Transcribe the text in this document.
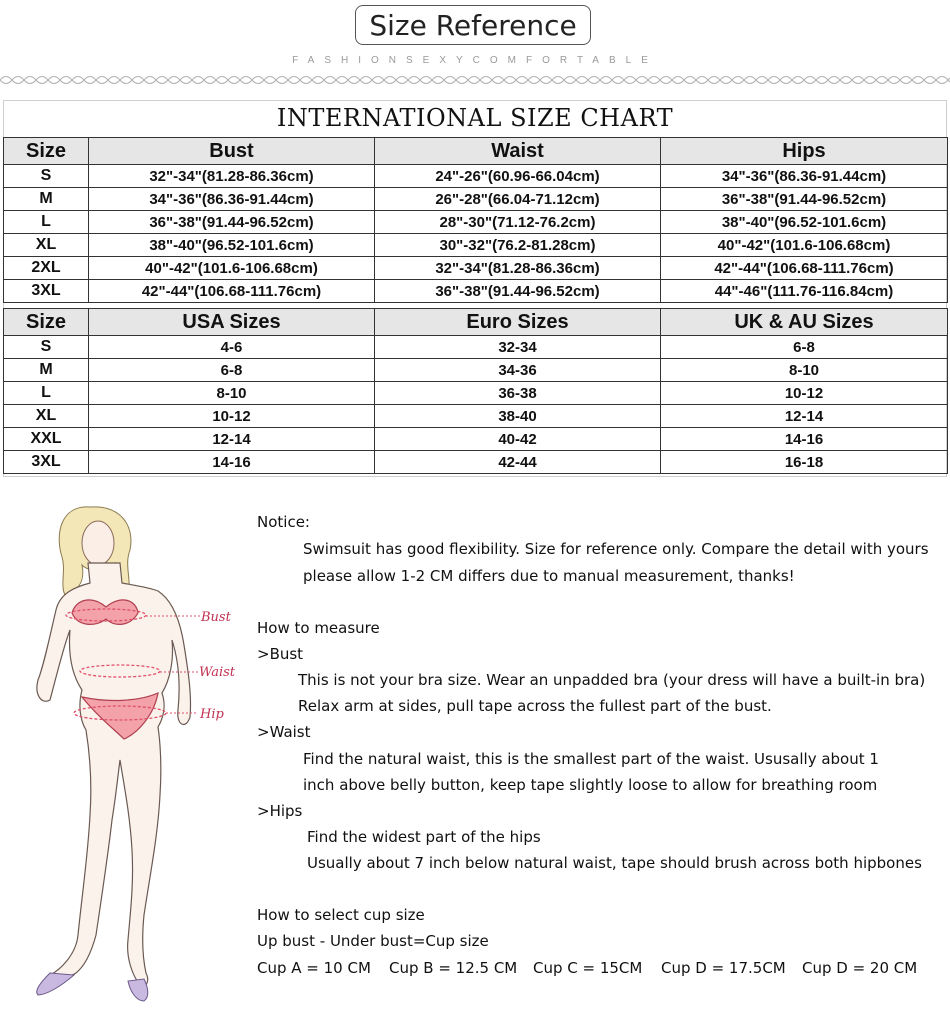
Size Reference
FASHIONSEXYCOMFORTABLE
INTERNATIONAL SIZE CHART
Size	Bust	Waist	Hips
S	32"-34"(81.28-86.36cm)	24"-26"(60.96-66.04cm)	34"-36"(86.36-91.44cm)
M	34"-36"(86.36-91.44cm)	26"-28"(66.04-71.12cm)	36"-38"(91.44-96.52cm)
L	36"-38"(91.44-96.52cm)	28"-30"(71.12-76.2cm)	38"-40"(96.52-101.6cm)
XL	38"-40"(96.52-101.6cm)	30"-32"(76.2-81.28cm)	40"-42"(101.6-106.68cm)
2XL	40"-42"(101.6-106.68cm)	32"-34"(81.28-86.36cm)	42"-44"(106.68-111.76cm)
3XL	42"-44"(106.68-111.76cm)	36"-38"(91.44-96.52cm)	44"-46"(111.76-116.84cm)
Size	USA Sizes	Euro Sizes	UK & AU Sizes
S	4-6	32-34	6-8
M	6-8	34-36	8-10
L	8-10	36-38	10-12
XL	10-12	38-40	12-14
XXL	12-14	40-42	14-16
3XL	14-16	42-44	16-18
Bust
Waist
Hip
Notice:
Swimsuit has good flexibility. Size for reference only. Compare the detail with yours
please allow 1-2 CM differs due to manual measurement, thanks!
How to measure
>Bust
This is not your bra size. Wear an unpadded bra (your dress will have a built-in bra)
Relax arm at sides, pull tape across the fullest part of the bust.
>Waist
Find the natural waist, this is the smallest part of the waist. Ususally about 1
inch above belly button, keep tape slightly loose to allow for breathing room
>Hips
Find the widest part of the hips
Usually about 7 inch below natural waist, tape should brush across both hipbones
How to select cup size
Up bust - Under bust=Cup size
Cup A = 10 CM Cup B = 12.5 CM Cup C = 15CM Cup D = 17.5CM Cup D = 20 CM
